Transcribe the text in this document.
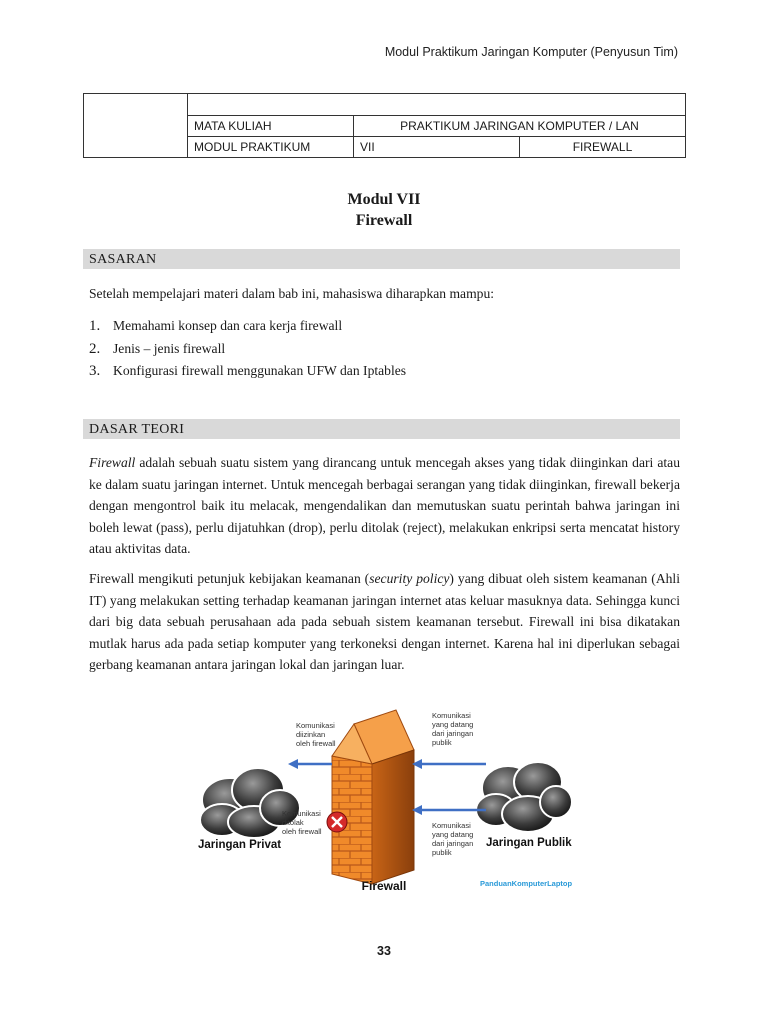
Modul Praktikum Jaringan Komputer (Penyusun Tim)

	MATA KULIAH	PRAKTIKUM JARINGAN KOMPUTER / LAN	
	MODUL PRAKTIKUM	VII	FIREWALL
Modul VII
Firewall
SASARAN

Setelah mempelajari materi dalam bab ini, mahasiswa diharapkan mampu:

1. Memahami konsep dan cara kerja firewall
2. Jenis – jenis firewall
3. Konfigurasi firewall menggunakan UFW dan Iptables
DASAR TEORI

Firewall adalah sebuah suatu sistem yang dirancang untuk mencegah akses yang tidak diinginkan dari atau ke dalam suatu jaringan internet. Untuk mencegah berbagai serangan yang tidak diinginkan, firewall bekerja dengan mengontrol baik itu melacak, mengendalikan dan memutuskan suatu perintah bahwa jaringan ini boleh lewat (pass), perlu dijatuhkan (drop), perlu ditolak (reject), melakukan enkripsi serta mencatat history atau aktivitas data.

Firewall mengikuti petunjuk kebijakan keamanan (security policy) yang dibuat oleh sistem keamanan (Ahli IT) yang melakukan setting terhadap keamanan jaringan internet atas keluar masuknya data. Sehingga kunci dari big data sebuah perusahaan ada pada sebuah sistem keamanan tersebut. Firewall ini bisa dikatakan mutlak harus ada pada setiap komputer yang terkoneksi dengan internet. Karena hal ini diperlukan sebagai gerbang keamanan antara jaringan lokal dan jaringan luar.

Firewall
Jaringan Privat	Jaringan Publik
Komunikasi
diizinkan
oleh firewall
Komunikasi
yang datang
dari jaringan
publik
Komunikasi
ditolak
oleh firewall
Komunikasi
yang datang
dari jaringan
publik
PanduanKomputerLaptop
33
